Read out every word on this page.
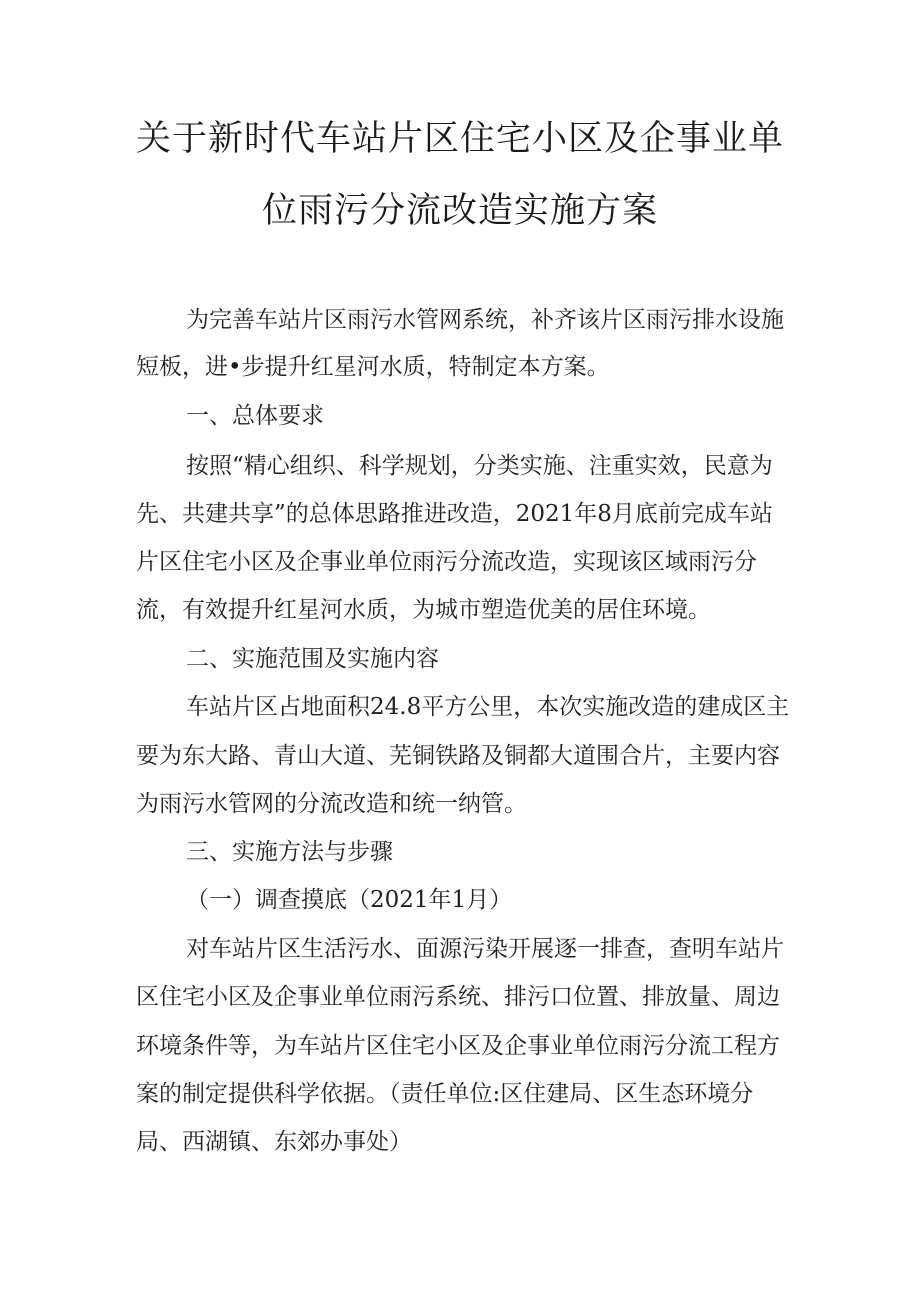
关于新时代车站片区住宅小区及企事业单
位雨污分流改造实施方案
为完善车站片区雨污水管网系统，补齐该片区雨污排水设施
短板，进•步提升红星河水质，特制定本方案。
一、总体要求
按照“精心组织、科学规划，分类实施、注重实效，民意为
先、共建共享”的总体思路推进改造，2021年8月底前完成车站
片区住宅小区及企事业单位雨污分流改造，实现该区域雨污分
流，有效提升红星河水质，为城市塑造优美的居住环境。
二、实施范围及实施内容
车站片区占地面积24.8平方公里，本次实施改造的建成区主
要为东大路、青山大道、芜铜铁路及铜都大道围合片，主要内容
为雨污水管网的分流改造和统一纳管。
三、实施方法与步骤
（一）调查摸底（2021年1月）
对车站片区生活污水、面源污染开展逐一排查，查明车站片
区住宅小区及企事业单位雨污系统、排污口位置、排放量、周边
环境条件等，为车站片区住宅小区及企事业单位雨污分流工程方
案的制定提供科学依据。（责任单位:区住建局、区生态环境分
局、西湖镇、东郊办事处）
